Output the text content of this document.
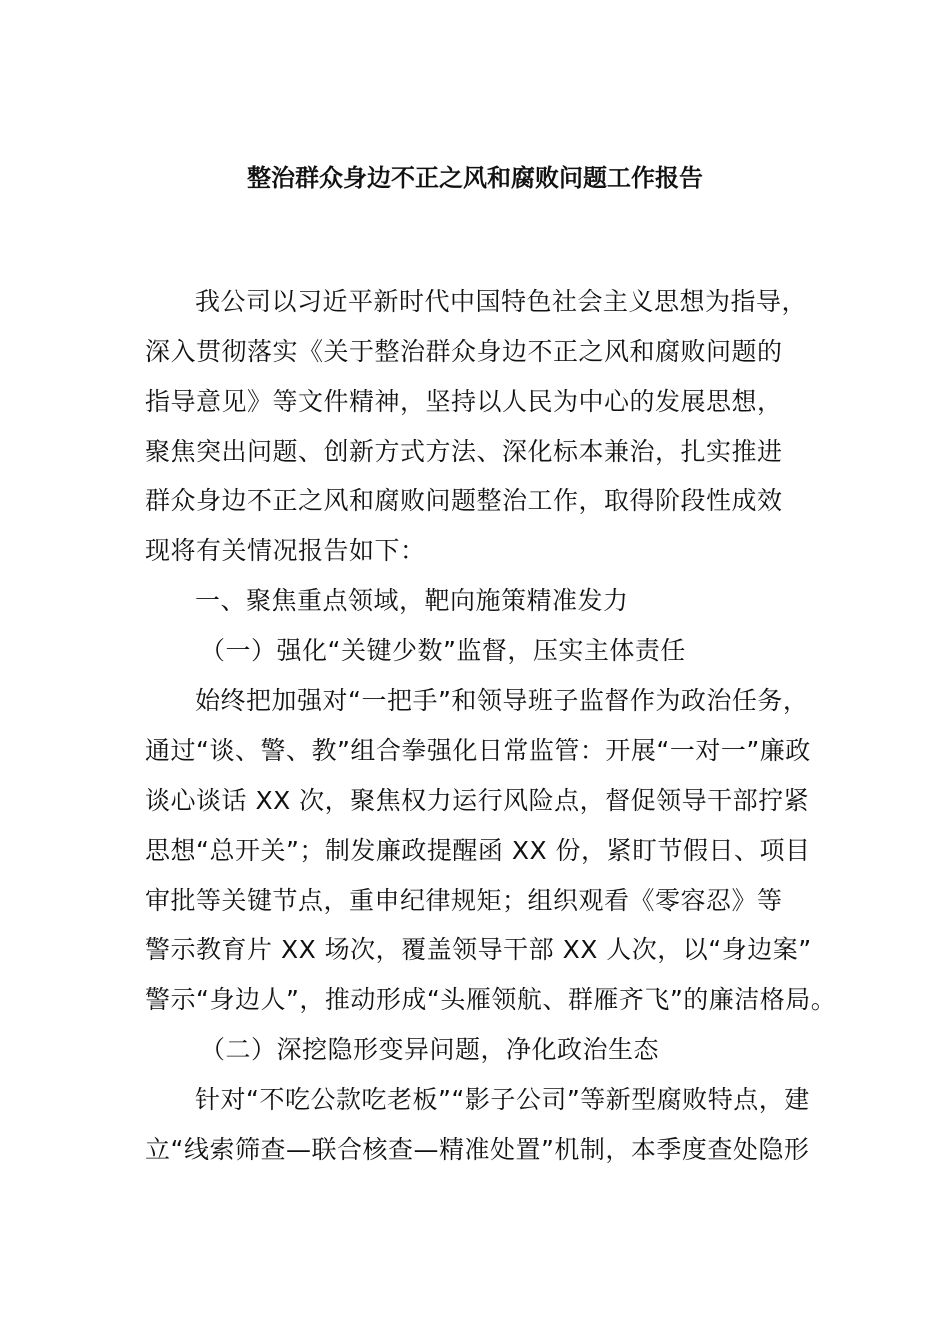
整治群众身边不正之风和腐败问题工作报告
我公司以习近平新时代中国特色社会主义思想为指导，
深入贯彻落实《关于整治群众身边不正之风和腐败问题的
指导意见》等文件精神，坚持以人民为中心的发展思想，
聚焦突出问题、创新方式方法、深化标本兼治，扎实推进
群众身边不正之风和腐败问题整治工作，取得阶段性成效
现将有关情况报告如下：
一、聚焦重点领域，靶向施策精准发力
（一）强化“关键少数”监督，压实主体责任
始终把加强对“一把手”和领导班子监督作为政治任务，
通过“谈、警、教”组合拳强化日常监管：开展“一对一”廉政
谈心谈话 XX 次，聚焦权力运行风险点，督促领导干部拧紧
思想“总开关”；制发廉政提醒函 XX 份，紧盯节假日、项目
审批等关键节点，重申纪律规矩；组织观看《零容忍》等
警示教育片 XX 场次，覆盖领导干部 XX 人次，以“身边案”
警示“身边人”，推动形成“头雁领航、群雁齐飞”的廉洁格局。
（二）深挖隐形变异问题，净化政治生态
针对“不吃公款吃老板”“影子公司”等新型腐败特点，建
立“线索筛查—联合核查—精准处置”机制，本季度查处隐形
